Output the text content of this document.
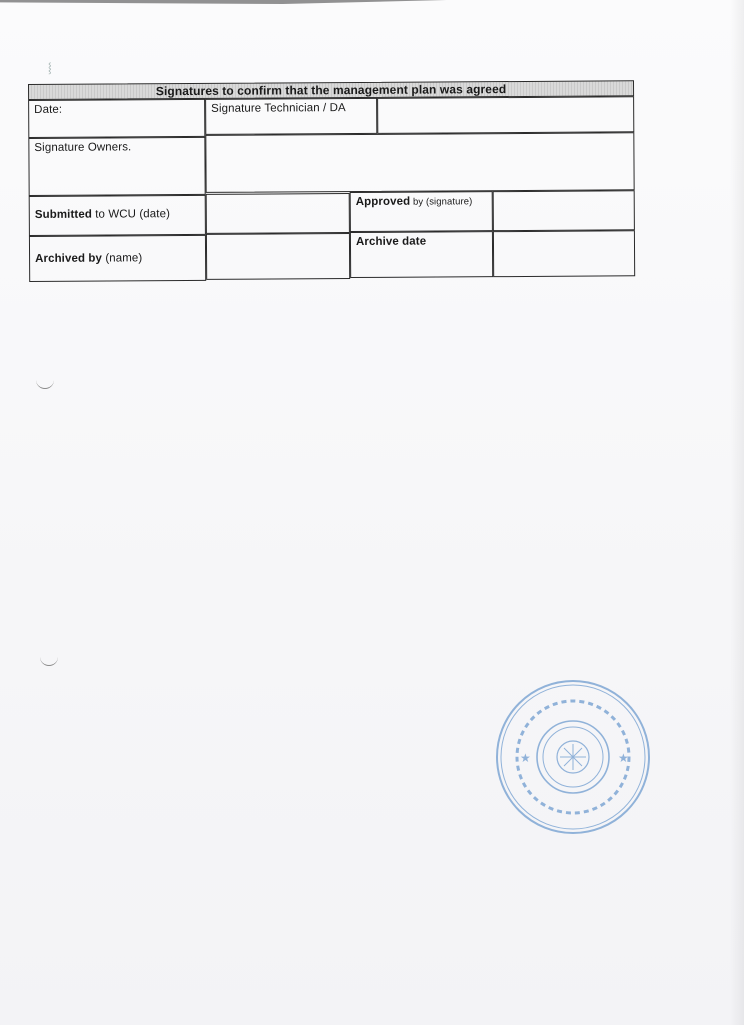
⸾
Signatures to confirm that the management plan was agreed
Date:	Signature Technician / DA
Signature Owners.
Submitted to WCU (date)
Approved by (signature)
Archived by (name)
Archive date
★	★
